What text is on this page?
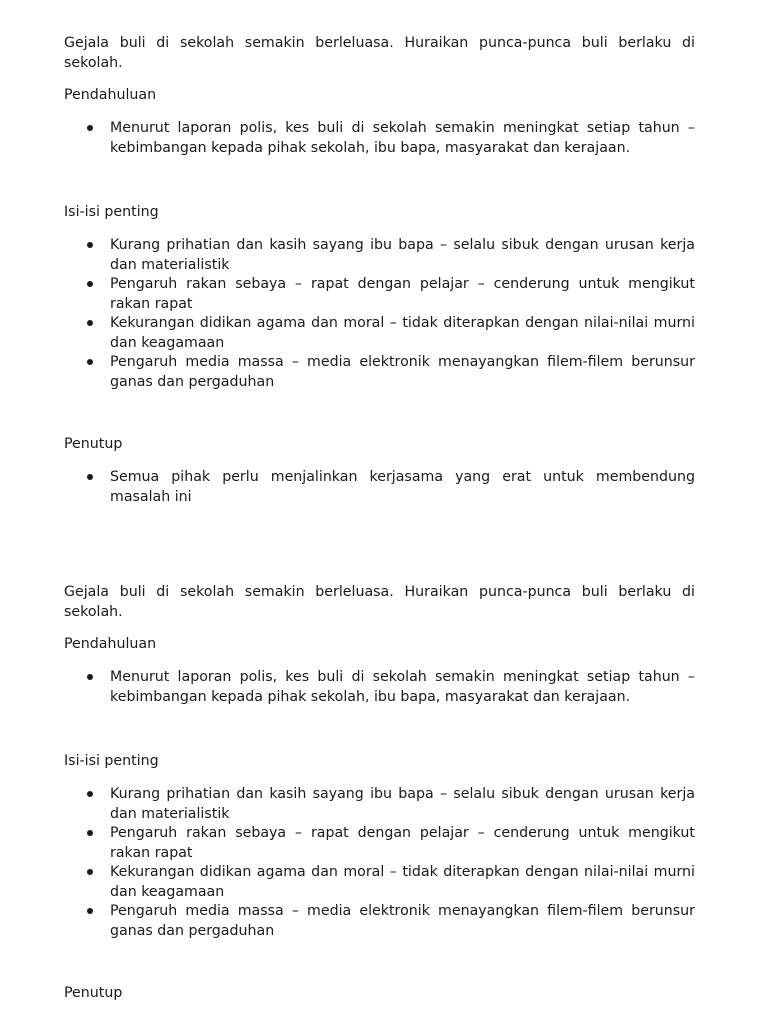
Gejala buli di sekolah semakin berleluasa. Huraikan punca-punca buli berlaku di sekolah.
Pendahuluan
Menurut laporan polis, kes buli di sekolah semakin meningkat setiap tahun – kebimbangan kepada pihak sekolah, ibu bapa, masyarakat dan kerajaan.
Isi-isi penting
Kurang prihatian dan kasih sayang ibu bapa – selalu sibuk dengan urusan kerja dan materialistik
Pengaruh rakan sebaya – rapat dengan pelajar – cenderung untuk mengikut rakan rapat
Kekurangan didikan agama dan moral – tidak diterapkan dengan nilai-nilai murni dan keagamaan
Pengaruh media massa – media elektronik menayangkan filem-filem berunsur ganas dan pergaduhan
Penutup
Semua pihak perlu menjalinkan kerjasama yang erat untuk membendung masalah ini
Gejala buli di sekolah semakin berleluasa. Huraikan punca-punca buli berlaku di sekolah.
Pendahuluan
Menurut laporan polis, kes buli di sekolah semakin meningkat setiap tahun – kebimbangan kepada pihak sekolah, ibu bapa, masyarakat dan kerajaan.
Isi-isi penting
Kurang prihatian dan kasih sayang ibu bapa – selalu sibuk dengan urusan kerja dan materialistik
Pengaruh rakan sebaya – rapat dengan pelajar – cenderung untuk mengikut rakan rapat
Kekurangan didikan agama dan moral – tidak diterapkan dengan nilai-nilai murni dan keagamaan
Pengaruh media massa – media elektronik menayangkan filem-filem berunsur ganas dan pergaduhan
Penutup
